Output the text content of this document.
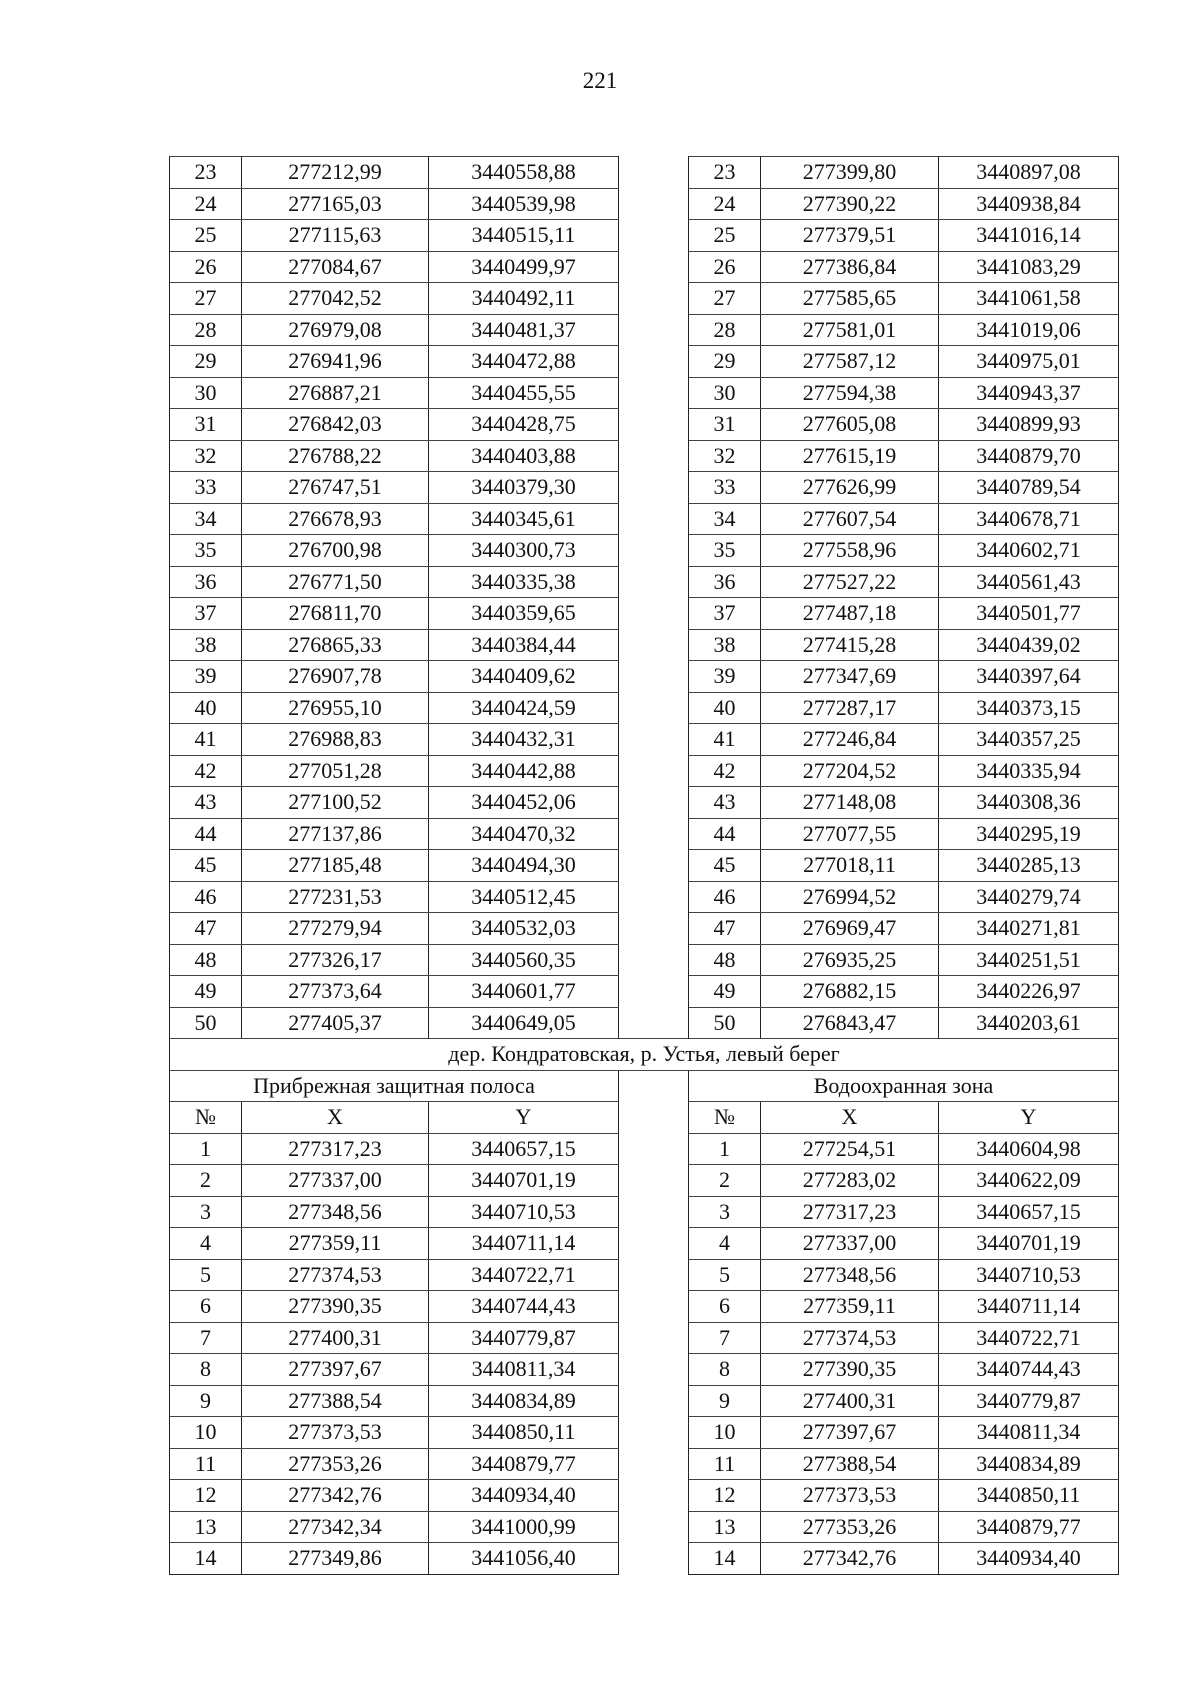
221
23	277212,99	3440558,88		23	277399,80	3440897,08
24	277165,03	3440539,98		24	277390,22	3440938,84
25	277115,63	3440515,11		25	277379,51	3441016,14
26	277084,67	3440499,97		26	277386,84	3441083,29
27	277042,52	3440492,11		27	277585,65	3441061,58
28	276979,08	3440481,37		28	277581,01	3441019,06
29	276941,96	3440472,88		29	277587,12	3440975,01
30	276887,21	3440455,55		30	277594,38	3440943,37
31	276842,03	3440428,75		31	277605,08	3440899,93
32	276788,22	3440403,88		32	277615,19	3440879,70
33	276747,51	3440379,30		33	277626,99	3440789,54
34	276678,93	3440345,61		34	277607,54	3440678,71
35	276700,98	3440300,73		35	277558,96	3440602,71
36	276771,50	3440335,38		36	277527,22	3440561,43
37	276811,70	3440359,65		37	277487,18	3440501,77
38	276865,33	3440384,44		38	277415,28	3440439,02
39	276907,78	3440409,62		39	277347,69	3440397,64
40	276955,10	3440424,59		40	277287,17	3440373,15
41	276988,83	3440432,31		41	277246,84	3440357,25
42	277051,28	3440442,88		42	277204,52	3440335,94
43	277100,52	3440452,06		43	277148,08	3440308,36
44	277137,86	3440470,32		44	277077,55	3440295,19
45	277185,48	3440494,30		45	277018,11	3440285,13
46	277231,53	3440512,45		46	276994,52	3440279,74
47	277279,94	3440532,03		47	276969,47	3440271,81
48	277326,17	3440560,35		48	276935,25	3440251,51
49	277373,64	3440601,77		49	276882,15	3440226,97
50	277405,37	3440649,05		50	276843,47	3440203,61
дер. Кондратовская, р. Устья, левый берег						
Прибрежная защитная полоса				Водоохранная зона		
№	X	Y		№	X	Y
1	277317,23	3440657,15		1	277254,51	3440604,98
2	277337,00	3440701,19		2	277283,02	3440622,09
3	277348,56	3440710,53		3	277317,23	3440657,15
4	277359,11	3440711,14		4	277337,00	3440701,19
5	277374,53	3440722,71		5	277348,56	3440710,53
6	277390,35	3440744,43		6	277359,11	3440711,14
7	277400,31	3440779,87		7	277374,53	3440722,71
8	277397,67	3440811,34		8	277390,35	3440744,43
9	277388,54	3440834,89		9	277400,31	3440779,87
10	277373,53	3440850,11		10	277397,67	3440811,34
11	277353,26	3440879,77		11	277388,54	3440834,89
12	277342,76	3440934,40		12	277373,53	3440850,11
13	277342,34	3441000,99		13	277353,26	3440879,77
14	277349,86	3441056,40		14	277342,76	3440934,40
